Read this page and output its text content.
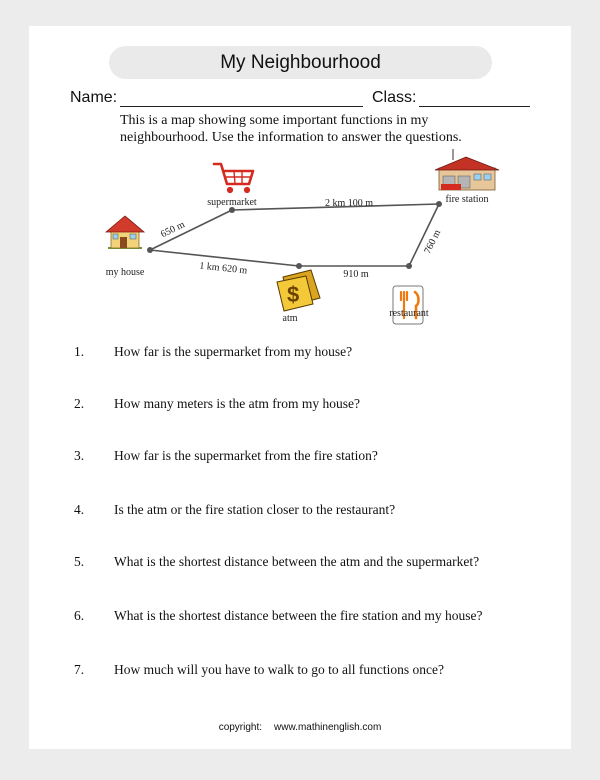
My Neighbourhood
Name:	Class:
This is a map showing some important functions in my neighbourhood. Use the information to answer the questions.
$
my house
supermarket	fire station
atm	restaurant
650 m
2 km 100 m
760 m
1 km 620 m	910 m
1. How far is the supermarket from my house?
2. How many meters is the atm from my house?
3. How far is the supermarket from the fire station?
4. Is the atm or the fire station closer to the restaurant?
5. What is the shortest distance between the atm and the supermarket?
6. What is the shortest distance between the fire station and my house?
7. How much will you have to walk to go to all functions once?
copyright: www.mathinenglish.com
